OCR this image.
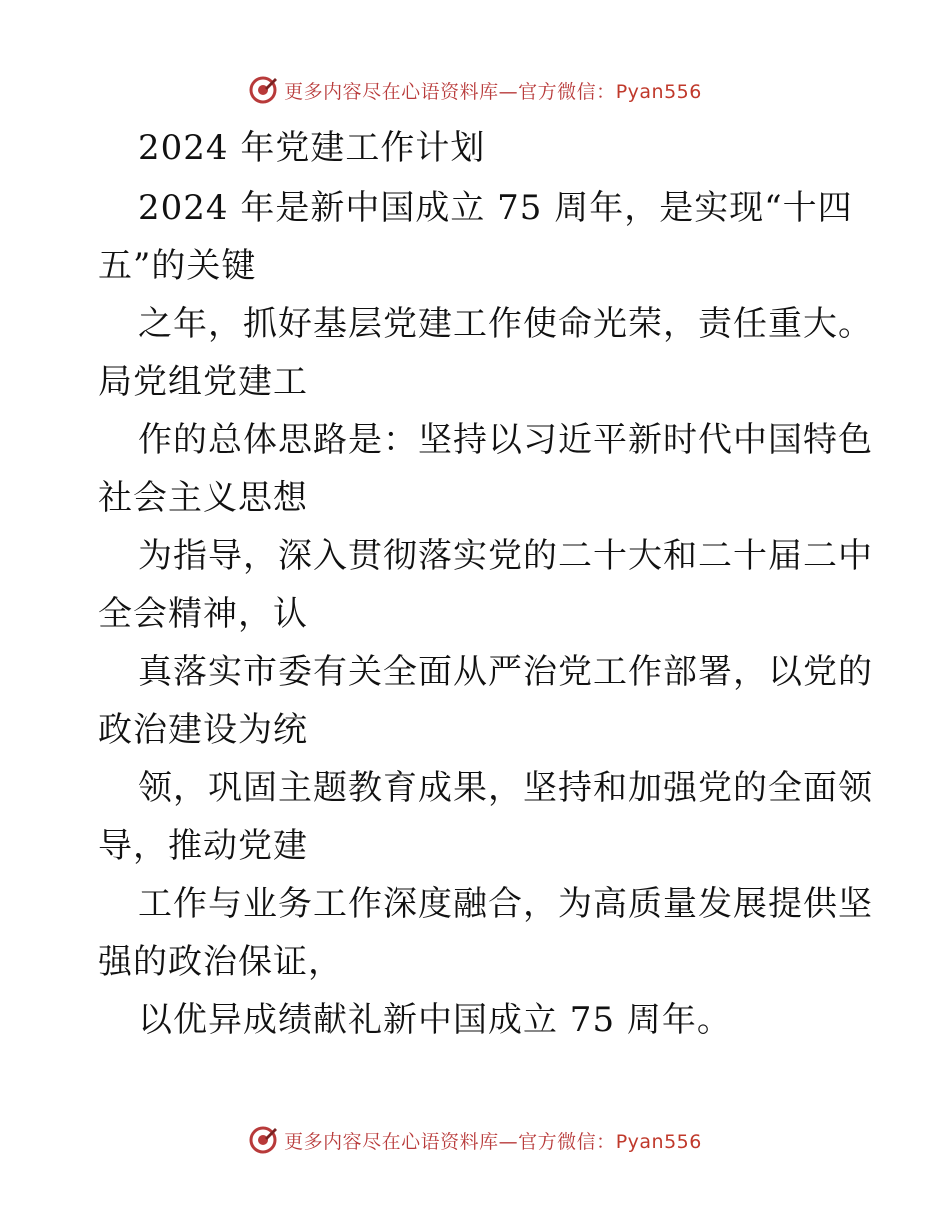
更多内容尽在心语资料库—官方微信：Pyan556
2024 年党建工作计划
2024 年是新中国成立 75 周年，是实现“十四
五”的关键
之年，抓好基层党建工作使命光荣，责任重大。
局党组党建工
作的总体思路是：坚持以习近平新时代中国特色
社会主义思想
为指导，深入贯彻落实党的二十大和二十届二中
全会精神，认
真落实市委有关全面从严治党工作部署，以党的
政治建设为统
领，巩固主题教育成果，坚持和加强党的全面领
导，推动党建
工作与业务工作深度融合，为高质量发展提供坚
强的政治保证，
以优异成绩献礼新中国成立 75 周年。
更多内容尽在心语资料库—官方微信：Pyan556
